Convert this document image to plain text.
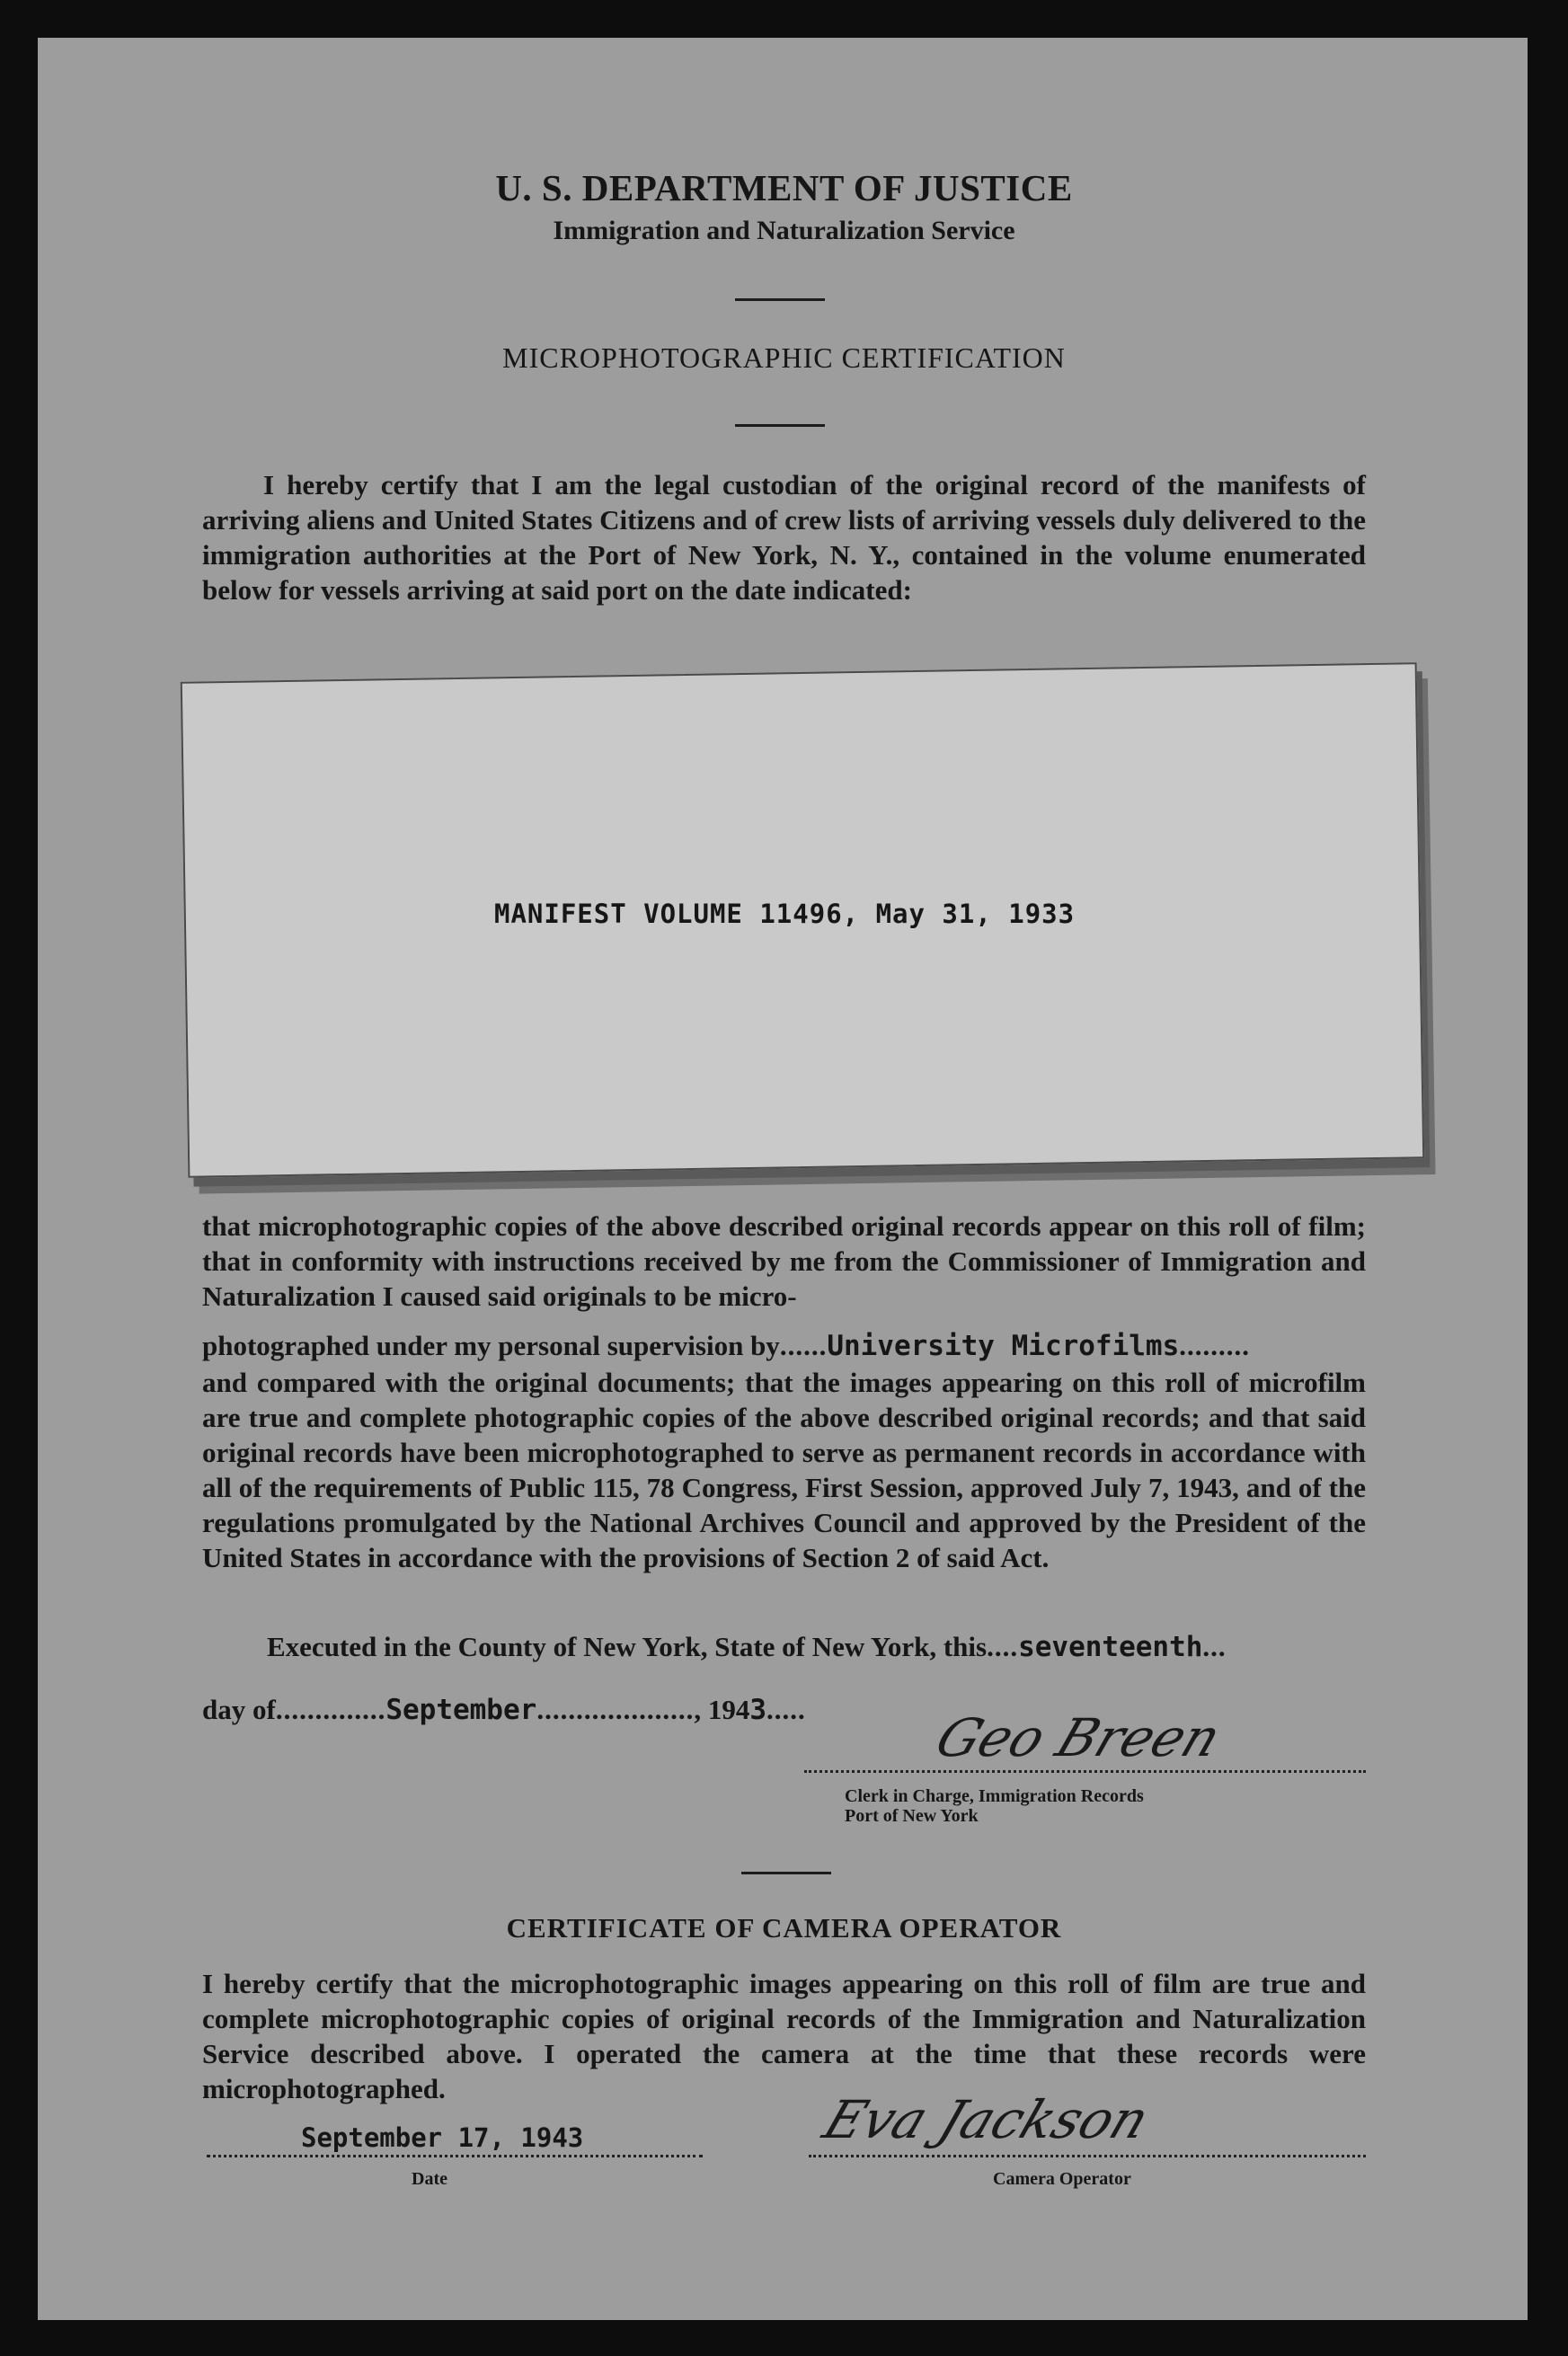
U. S. DEPARTMENT OF JUSTICE
Immigration and Naturalization Service
MICROPHOTOGRAPHIC CERTIFICATION
I hereby certify that I am the legal custodian of the original record of the manifests of arriving aliens and United States Citizens and of crew lists of arriving vessels duly delivered to the immigration authorities at the Port of New York, N. Y., contained in the volume enumerated below for vessels arriving at said port on the date indicated:
MANIFEST VOLUME 11496, May 31, 1933
that microphotographic copies of the above described original records appear on this roll of film; that in conformity with instructions received by me from the Commissioner of Immigration and Naturalization I caused said originals to be micro-
photographed under my personal supervision by......University Microfilms.........
and compared with the original documents; that the images appearing on this roll of microfilm are true and complete photographic copies of the above described original records; and that said original records have been microphotographed to serve as permanent records in accordance with all of the requirements of Public 115, 78 Congress, First Session, approved July 7, 1943, and of the regulations promulgated by the National Archives Council and approved by the President of the United States in accordance with the provisions of Section 2 of said Act.
Executed in the County of New York, State of New York, this....seventeenth...
day of..............September...................., 1943..... Geo Breen
Clerk in Charge, Immigration Records
Port of New York
CERTIFICATE OF CAMERA OPERATOR
I hereby certify that the microphotographic images appearing on this roll of film are true and complete microphotographic copies of original records of the Immigration and Naturalization Service described above. I operated the camera at the time that these records were microphotographed.
September 17, 1943
Date
Eva Jackson
Camera Operator
